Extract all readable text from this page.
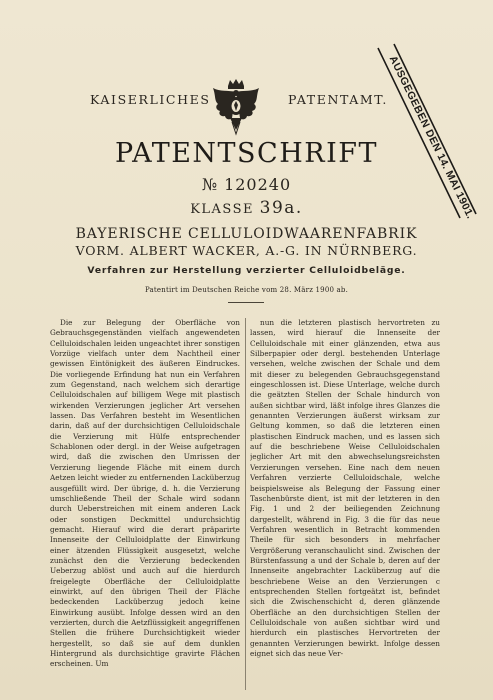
KAISERLICHES	PATENTAMT.
AUSGEGEBEN DEN 14. MAI 1901.
PATENTSCHRIFT
№ 120240
KLASSE 39a.
BAYERISCHE CELLULOIDWAARENFABRIK
VORM. ALBERT WACKER, A.-G. IN NÜRNBERG.
Verfahren zur Herstellung verzierter Celluloidbeläge.
Patentirt im Deutschen Reiche vom 28. März 1900 ab.

Die zur Belegung der Oberfläche von Gebrauchsgegenständen vielfach angewendeten Celluloidschalen leiden ungeachtet ihrer sonstigen Vorzüge vielfach unter dem Nachtheil einer gewissen Eintönigkeit des äußeren Eindruckes. Die vorliegende Erfindung hat nun ein Verfahren zum Gegenstand, nach welchem sich derartige Celluloidschalen auf billigem Wege mit plastisch wirkenden Verzierungen jeglicher Art versehen lassen. Das Verfahren besteht im Wesentlichen darin, daß auf der durchsichtigen Celluloidschale die Verzierung mit Hülfe entsprechender Schablonen oder dergl. in der Weise aufgetragen wird, daß die zwischen den Umrissen der Verzierung liegende Fläche mit einem durch Aetzen leicht wieder zu entfernenden Lacküberzug ausgefüllt wird. Der übrige, d. h. die Verzierung umschließende Theil der Schale wird sodann durch Ueberstreichen mit einem anderen Lack oder sonstigen Deckmittel undurchsichtig gemacht. Hierauf wird die derart präparirte Innenseite der Celluloidplatte der Einwirkung einer ätzenden Flüssigkeit ausgesetzt, welche zunächst den die Verzierung bedeckenden Ueberzug ablöst und auch auf die hierdurch freigelegte Oberfläche der Celluloidplatte einwirkt, auf den übrigen Theil der Fläche bedeckenden Lacküberzug jedoch keine Einwirkung ausübt. Infolge dessen wird an den verzierten, durch die Aetzflüssigkeit angegriffenen Stellen die frühere Durchsichtigkeit wieder hergestellt, so daß sie auf dem dunklen Hintergrund als durchsichtige gravirte Flächen erscheinen. Um

nun die letzteren plastisch hervortreten zu lassen, wird hierauf die Innenseite der Celluloidschale mit einer glänzenden, etwa aus Silberpapier oder dergl. bestehenden Unterlage versehen, welche zwischen der Schale und dem mit dieser zu belegenden Gebrauchsgegenstand eingeschlossen ist. Diese Unterlage, welche durch die geätzten Stellen der Schale hindurch von außen sichtbar wird, läßt infolge ihres Glanzes die genannten Verzierungen äußerst wirksam zur Geltung kommen, so daß die letzteren einen plastischen Eindruck machen, und es lassen sich auf die beschriebene Weise Celluloidschalen jeglicher Art mit den abwechselungsreichsten Verzierungen versehen. Eine nach dem neuen Verfahren verzierte Celluloidschale, welche beispielsweise als Belegung der Fassung einer Taschenbürste dient, ist mit der letzteren in den Fig. 1 und 2 der beiliegenden Zeichnung dargestellt, während in Fig. 3 die für das neue Verfahren wesentlich in Betracht kommenden Theile für sich besonders in mehrfacher Vergrößerung veranschaulicht sind. Zwischen der Bürstenfassung a und der Schale b, deren auf der Innenseite angebrachter Lacküberzug auf die beschriebene Weise an den Verzierungen c entsprechenden Stellen fortgeätzt ist, befindet sich die Zwischenschicht d, deren glänzende Oberfläche an den durchsichtigen Stellen der Celluloidschale von außen sichtbar wird und hierdurch ein plastisches Hervortreten der genannten Verzierungen bewirkt. Infolge dessen eignet sich das neue Ver-
